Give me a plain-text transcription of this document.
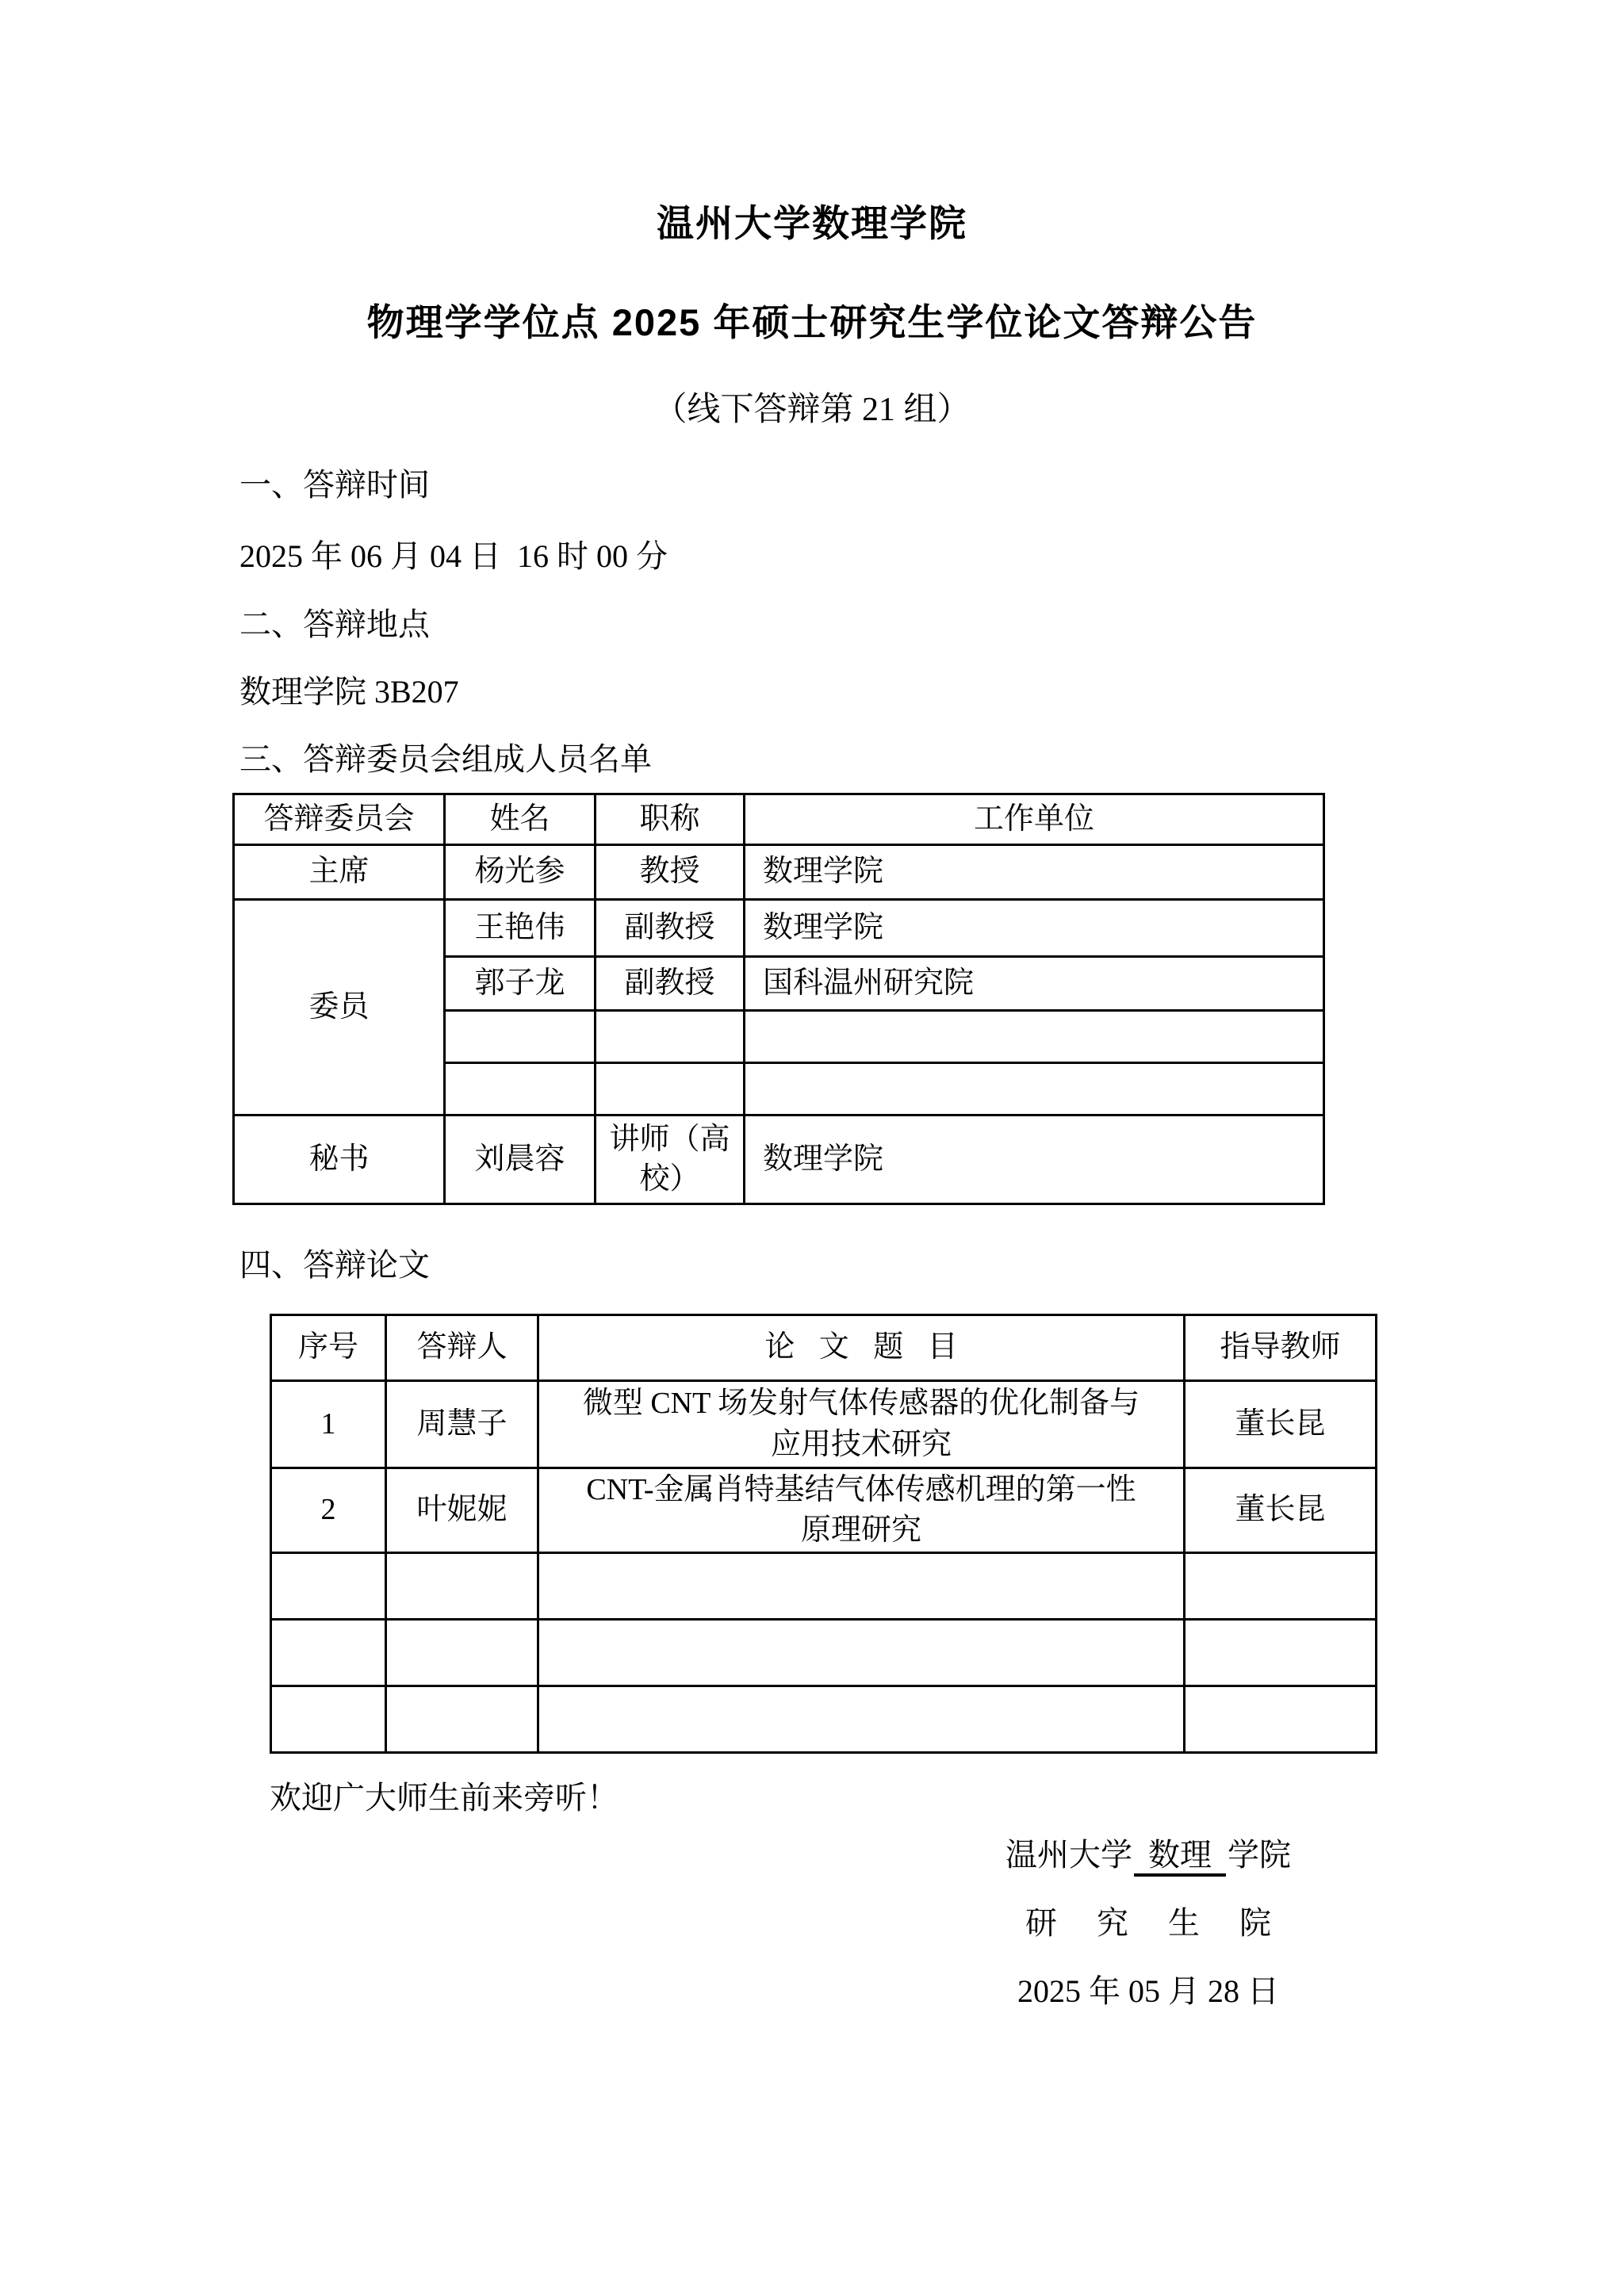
温州大学数理学院
物理学学位点 2025 年硕士研究生学位论文答辩公告
（线下答辩第 21 组）
一、答辩时间
2025 年 06 月 04 日  16 时 00 分
二、答辩地点
数理学院 3B207
三、答辩委员会组成人员名单
答辩委员会	姓名	职称	工作单位
主席	杨光参	教授	数理学院
委员	王艳伟	副教授	数理学院
	郭子龙	副教授	国科温州研究院

秘书	刘晨容	讲师（高校）	数理学院
四、答辩论文
序号	答辩人	论文题目	指导教师
1	周慧子	微型 CNT 场发射气体传感器的优化制备与应用技术研究	董长昆
2	叶妮妮	CNT-金属肖特基结气体传感机理的第一性原理研究	董长昆

欢迎广大师生前来旁听！
温州大学 数理 学院
研究生院
2025 年 05 月 28 日
